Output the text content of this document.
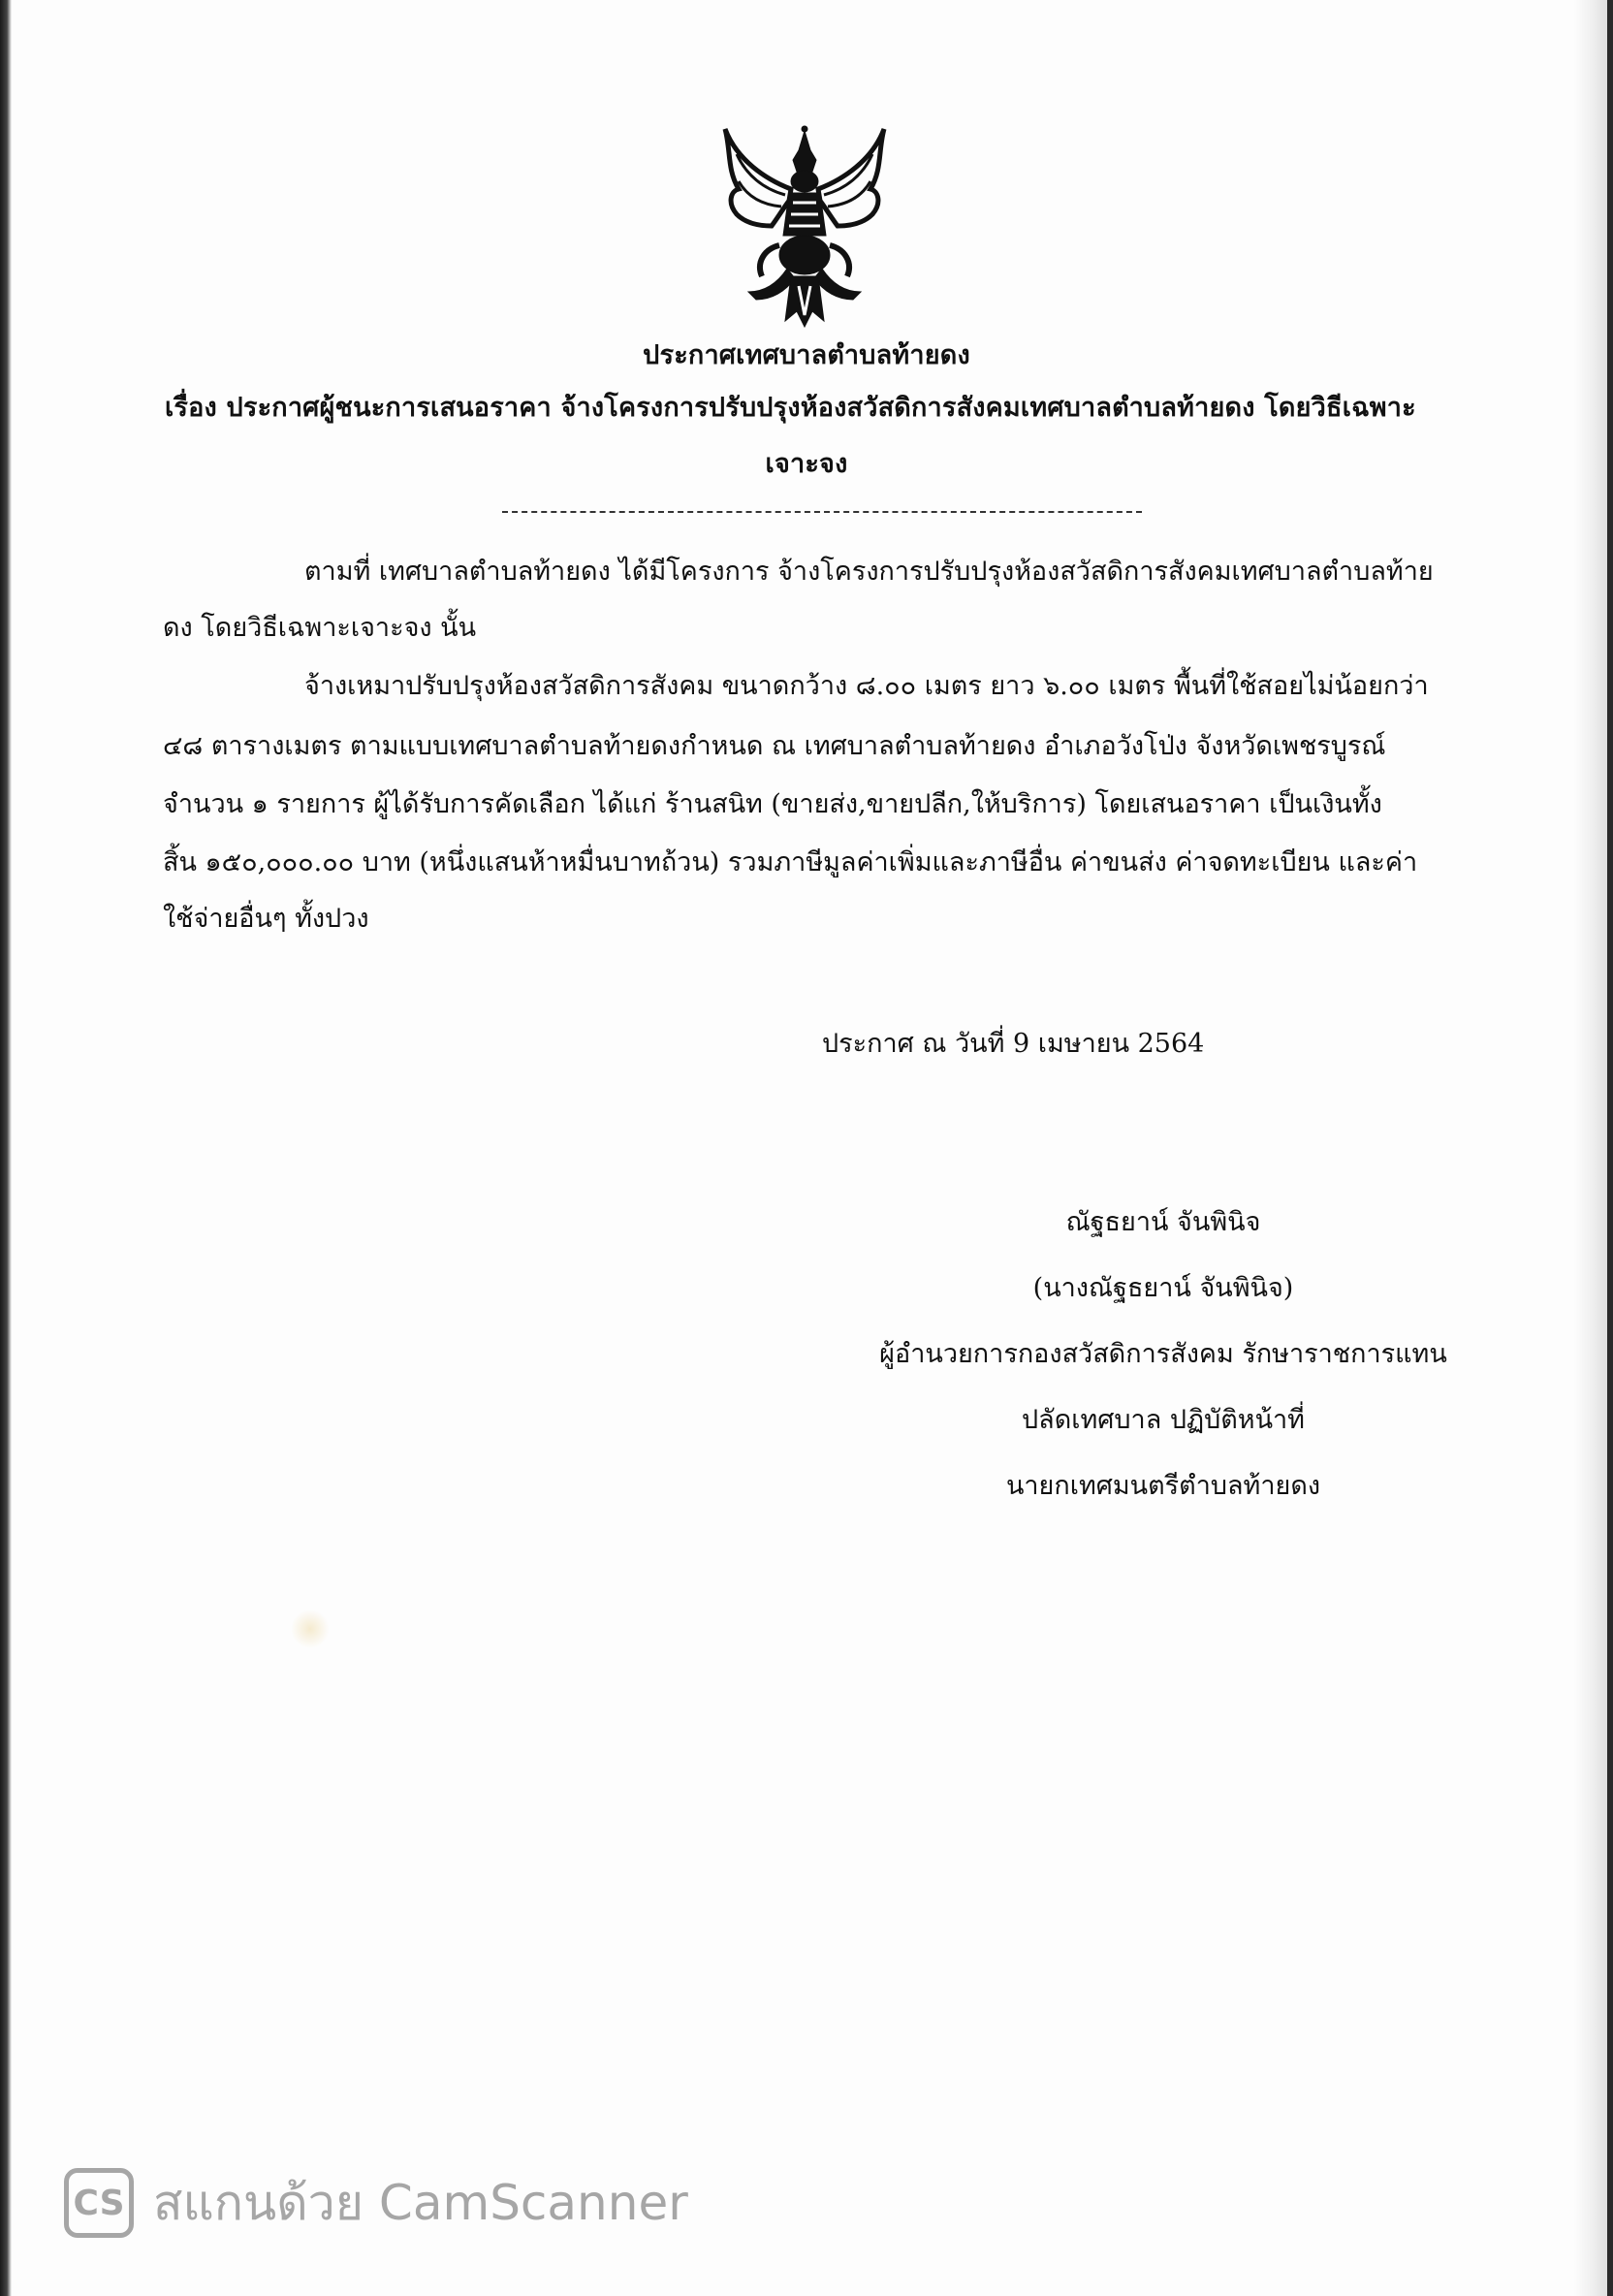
ประกาศเทศบาลตำบลท้ายดง
เรื่อง ประกาศผู้ชนะการเสนอราคา จ้างโครงการปรับปรุงห้องสวัสดิการสังคมเทศบาลตำบลท้ายดง โดยวิธีเฉพาะ
เจาะจง
ตามที่ เทศบาลตำบลท้ายดง ได้มีโครงการ จ้างโครงการปรับปรุงห้องสวัสดิการสังคมเทศบาลตำบลท้าย
ดง โดยวิธีเฉพาะเจาะจง นั้น
จ้างเหมาปรับปรุงห้องสวัสดิการสังคม ขนาดกว้าง ๘.๐๐ เมตร ยาว ๖.๐๐ เมตร พื้นที่ใช้สอยไม่น้อยกว่า
๔๘ ตารางเมตร ตามแบบเทศบาลตำบลท้ายดงกำหนด ณ เทศบาลตำบลท้ายดง อำเภอวังโป่ง จังหวัดเพชรบูรณ์
จำนวน ๑ รายการ ผู้ได้รับการคัดเลือก ได้แก่ ร้านสนิท (ขายส่ง,ขายปลีก,ให้บริการ) โดยเสนอราคา เป็นเงินทั้ง
สิ้น ๑๕๐,๐๐๐.๐๐ บาท (หนึ่งแสนห้าหมื่นบาทถ้วน) รวมภาษีมูลค่าเพิ่มและภาษีอื่น ค่าขนส่ง ค่าจดทะเบียน และค่า
ใช้จ่ายอื่นๆ ทั้งปวง
ประกาศ ณ วันที่ 9 เมษายน 2564
ณัฐธยาน์ จันพินิจ
(นางณัฐธยาน์ จันพินิจ)
ผู้อำนวยการกองสวัสดิการสังคม รักษาราชการแทน
ปลัดเทศบาล ปฏิบัติหน้าที่
นายกเทศมนตรีตำบลท้ายดง
CS สแกนด้วย CamScanner
